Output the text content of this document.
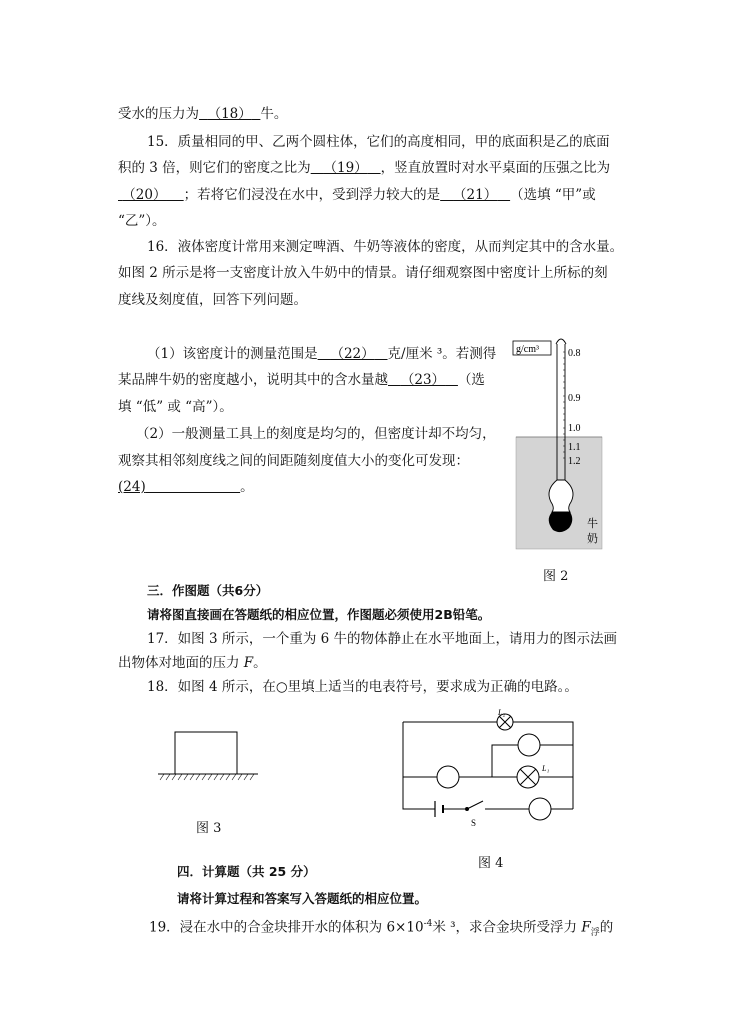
受水的压力为 （18） 牛。
15．质量相同的甲、乙两个圆柱体，它们的高度相同，甲的底面积是乙的底面
积的 3 倍，则它们的密度之比为 （19） ，竖直放置时对水平桌面的压强之比为
（20） ；若将它们浸没在水中，受到浮力较大的是 （21） （选填 “甲”或
“乙”）。
16．液体密度计常用来测定啤酒、牛奶等液体的密度，从而判定其中的含水量。
如图 2 所示是将一支密度计放入牛奶中的情景。请仔细观察图中密度计上所标的刻
度线及刻度值，回答下列问题。
（1）该密度计的测量范围是 （22） 克/厘米 ³。若测得
某品牌牛奶的密度越小，说明其中的含水量越 （23） （选
填 “低” 或 “高”）。
（2）一般测量工具上的刻度是均匀的，但密度计却不均匀，
观察其相邻刻度线之间的间距随刻度值大小的变化可发现：
(24)	。
g/cm³	0.8
0.9
1.0
1.1
1.2
牛
奶
图 2
三．作图题（共6分）
请将图直接画在答题纸的相应位置，作图题必须使用2B铅笔。
17．如图 3 所示，一个重为 6 牛的物体静止在水平地面上，请用力的图示法画
出物体对地面的压力 F。
18．如图 4 所示，在○里填上适当的电表符号，要求成为正确的电路。。
图 3
L₂
L₁
S
图 4
四．计算题（共 25 分）
请将计算过程和答案写入答题纸的相应位置。
19．浸在水中的合金块排开水的体积为 $6\times 10^{-4}$米 ³，求合金块所受浮力 $F_浮$的
